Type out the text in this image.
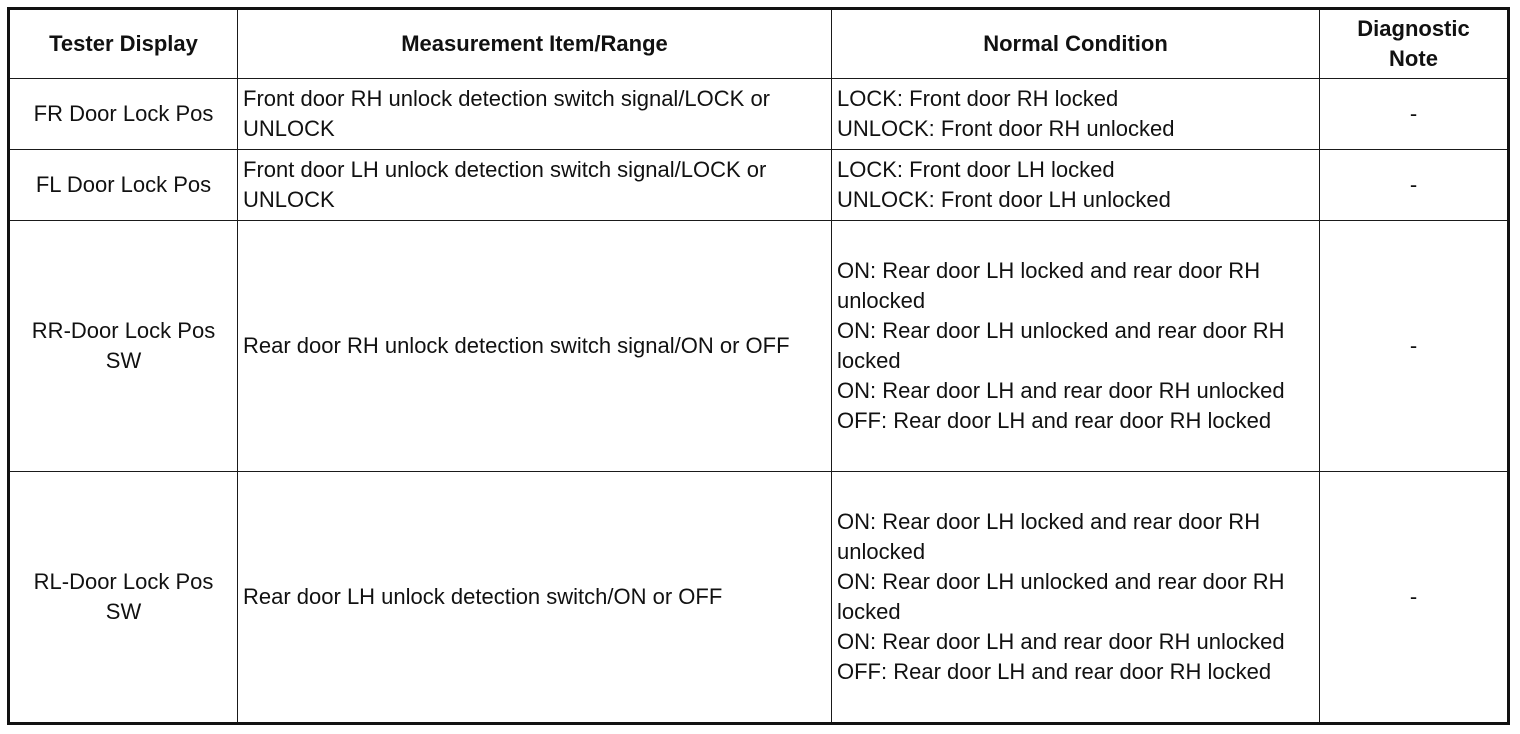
Tester Display	Measurement Item/Range	Normal Condition	Diagnostic
Note

FR Door Lock Pos	Front door RH unlock detection switch signal/LOCK or UNLOCK	LOCK: Front door RH locked
UNLOCK: Front door RH unlocked	-
FL Door Lock Pos	Front door LH unlock detection switch signal/LOCK or UNLOCK	LOCK: Front door LH locked
UNLOCK: Front door LH unlocked	-
RR-Door Lock Pos SW	Rear door RH unlock detection switch signal/ON or OFF	ON: Rear door LH locked and rear door RH unlocked
ON: Rear door LH unlocked and rear door RH locked
ON: Rear door LH and rear door RH unlocked
OFF: Rear door LH and rear door RH locked	-
RL-Door Lock Pos SW	Rear door LH unlock detection switch/ON or OFF	ON: Rear door LH locked and rear door RH unlocked
ON: Rear door LH unlocked and rear door RH locked
ON: Rear door LH and rear door RH unlocked
OFF: Rear door LH and rear door RH locked	-
